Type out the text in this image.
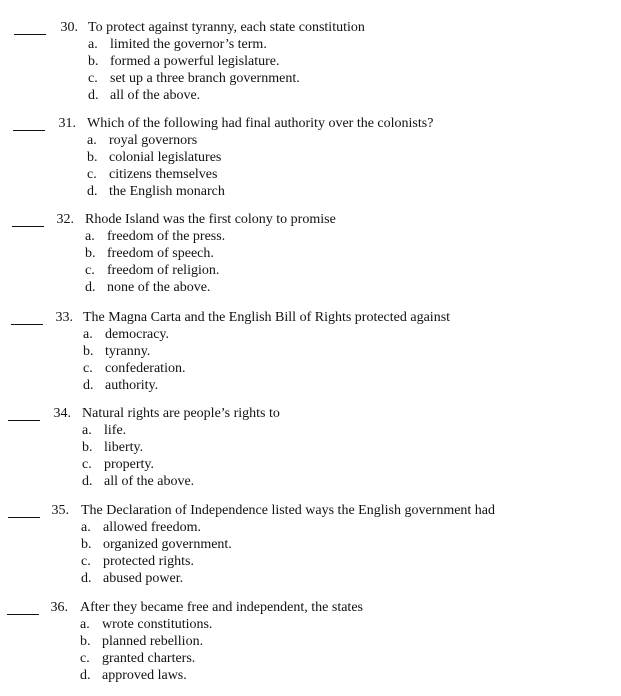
30. To protect against tyranny, each state constitution
a. limited the governor’s term.
b. formed a powerful legislature.
c. set up a three branch government.
d. all of the above.
31. Which of the following had final authority over the colonists?
a. royal governors
b. colonial legislatures
c. citizens themselves
d. the English monarch
32. Rhode Island was the first colony to promise
a. freedom of the press.
b. freedom of speech.
c. freedom of religion.
d. none of the above.
33. The Magna Carta and the English Bill of Rights protected against
a. democracy.
b. tyranny.
c. confederation.
d. authority.
34. Natural rights are people’s rights to
a. life.
b. liberty.
c. property.
d. all of the above.
35. The Declaration of Independence listed ways the English government had
a. allowed freedom.
b. organized government.
c. protected rights.
d. abused power.
36. After they became free and independent, the states
a. wrote constitutions.
b. planned rebellion.
c. granted charters.
d. approved laws.
